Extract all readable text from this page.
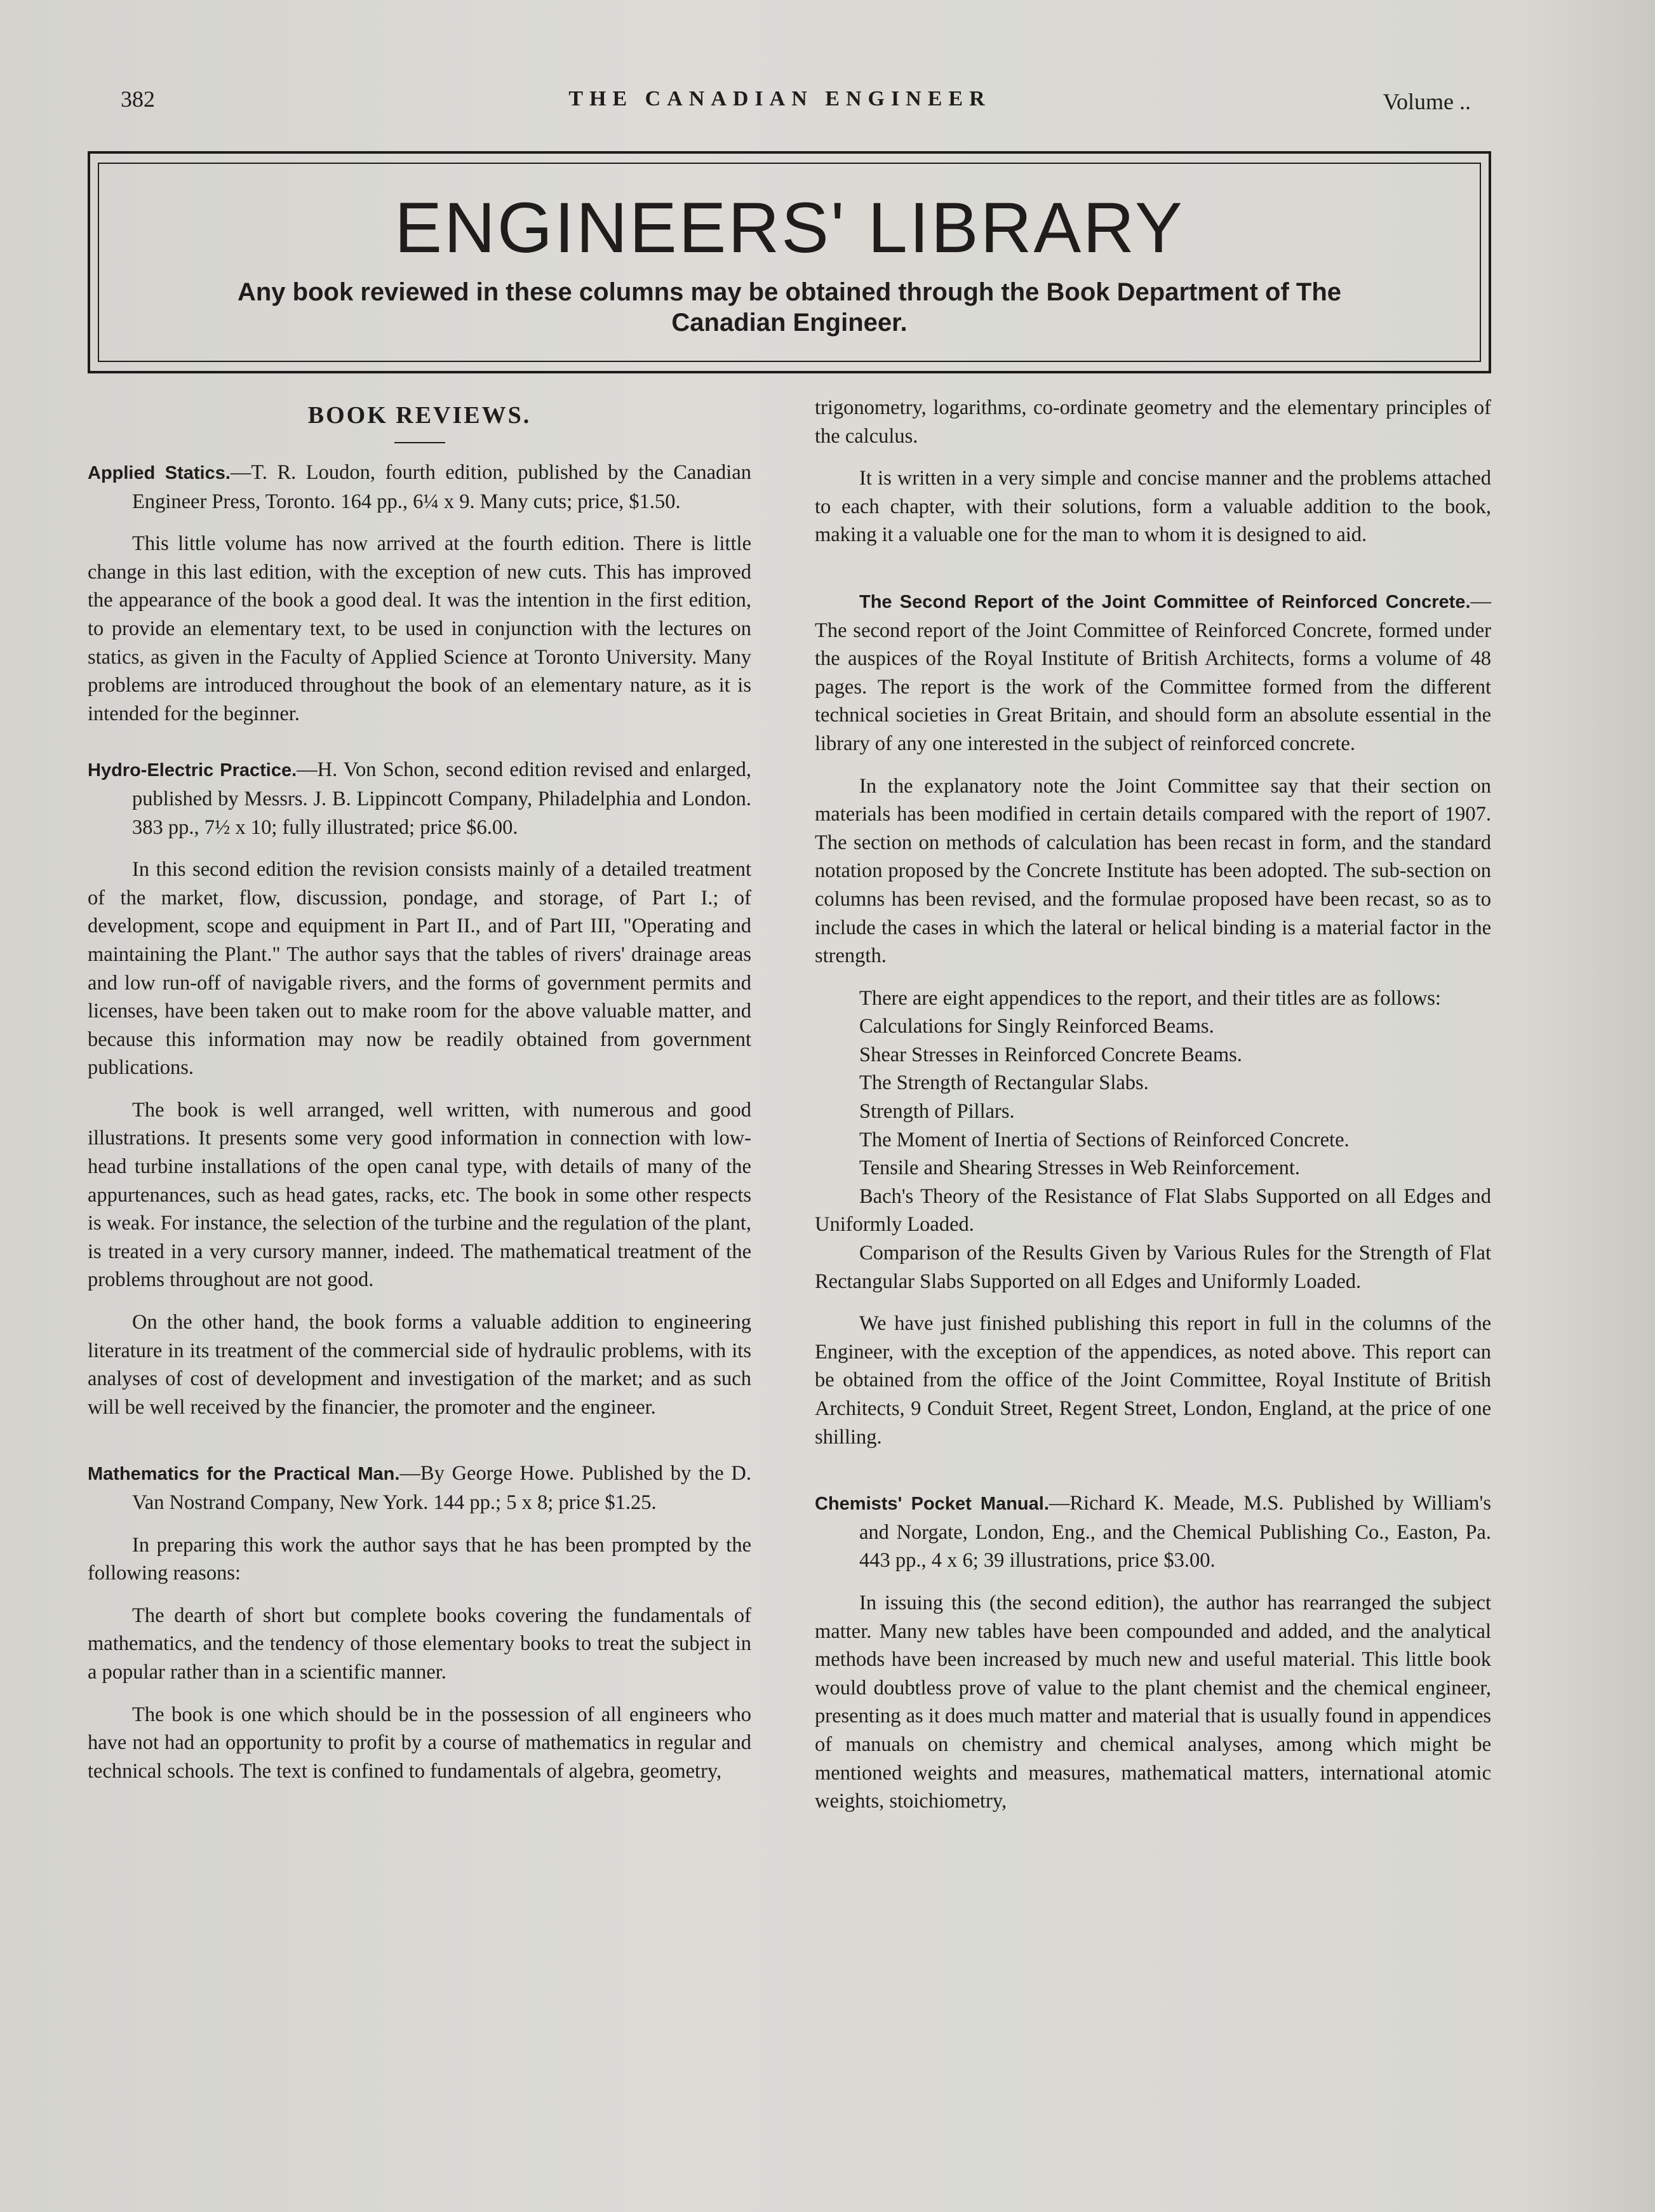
382	THE CANADIAN ENGINEER	Volume ..
ENGINEERS' LIBRARY
Any book reviewed in these columns may be obtained through the Book Department of The Canadian Engineer.
BOOK REVIEWS.
Applied Statics.—T. R. Loudon, fourth edition, published by the Canadian Engineer Press, Toronto. 164 pp., 6¼ x 9. Many cuts; price, $1.50.

This little volume has now arrived at the fourth edition. There is little change in this last edition, with the exception of new cuts. This has improved the appearance of the book a good deal. It was the intention in the first edition, to provide an elementary text, to be used in conjunction with the lectures on statics, as given in the Faculty of Applied Science at Toronto University. Many problems are introduced throughout the book of an elementary nature, as it is intended for the beginner.

Hydro-Electric Practice.—H. Von Schon, second edition revised and enlarged, published by Messrs. J. B. Lippincott Company, Philadelphia and London. 383 pp., 7½ x 10; fully illustrated; price $6.00.

In this second edition the revision consists mainly of a detailed treatment of the market, flow, discussion, pondage, and storage, of Part I.; of development, scope and equipment in Part II., and of Part III, "Operating and maintaining the Plant." The author says that the tables of rivers' drainage areas and low run-off of navigable rivers, and the forms of government permits and licenses, have been taken out to make room for the above valuable matter, and because this information may now be readily obtained from government publications.

The book is well arranged, well written, with numerous and good illustrations. It presents some very good information in connection with low-head turbine installations of the open canal type, with details of many of the appurtenances, such as head gates, racks, etc. The book in some other respects is weak. For instance, the selection of the turbine and the regulation of the plant, is treated in a very cursory manner, indeed. The mathematical treatment of the problems throughout are not good.

On the other hand, the book forms a valuable addition to engineering literature in its treatment of the commercial side of hydraulic problems, with its analyses of cost of development and investigation of the market; and as such will be well received by the financier, the promoter and the engineer.

Mathematics for the Practical Man.—By George Howe. Published by the D. Van Nostrand Company, New York. 144 pp.; 5 x 8; price $1.25.

In preparing this work the author says that he has been prompted by the following reasons:

The dearth of short but complete books covering the fundamentals of mathematics, and the tendency of those elementary books to treat the subject in a popular rather than in a scientific manner.

The book is one which should be in the possession of all engineers who have not had an opportunity to profit by a course of mathematics in regular and technical schools. The text is confined to fundamentals of algebra, geometry,

trigonometry, logarithms, co-ordinate geometry and the elementary principles of the calculus.

It is written in a very simple and concise manner and the problems attached to each chapter, with their solutions, form a valuable addition to the book, making it a valuable one for the man to whom it is designed to aid.

The Second Report of the Joint Committee of Reinforced Concrete.—The second report of the Joint Committee of Reinforced Concrete, formed under the auspices of the Royal Institute of British Architects, forms a volume of 48 pages. The report is the work of the Committee formed from the different technical societies in Great Britain, and should form an absolute essential in the library of any one interested in the subject of reinforced concrete.

In the explanatory note the Joint Committee say that their section on materials has been modified in certain details compared with the report of 1907. The section on methods of calculation has been recast in form, and the standard notation proposed by the Concrete Institute has been adopted. The sub-section on columns has been revised, and the formulae proposed have been recast, so as to include the cases in which the lateral or helical binding is a material factor in the strength.

There are eight appendices to the report, and their titles are as follows:

Calculations for Singly Reinforced Beams.

Shear Stresses in Reinforced Concrete Beams.

The Strength of Rectangular Slabs.

Strength of Pillars.

The Moment of Inertia of Sections of Reinforced Concrete.

Tensile and Shearing Stresses in Web Reinforcement.

Bach's Theory of the Resistance of Flat Slabs Supported on all Edges and Uniformly Loaded.

Comparison of the Results Given by Various Rules for the Strength of Flat Rectangular Slabs Supported on all Edges and Uniformly Loaded.

We have just finished publishing this report in full in the columns of the Engineer, with the exception of the appendices, as noted above. This report can be obtained from the office of the Joint Committee, Royal Institute of British Architects, 9 Conduit Street, Regent Street, London, England, at the price of one shilling.

Chemists' Pocket Manual.—Richard K. Meade, M.S. Published by William's and Norgate, London, Eng., and the Chemical Publishing Co., Easton, Pa. 443 pp., 4 x 6; 39 illustrations, price $3.00.

In issuing this (the second edition), the author has rearranged the subject matter. Many new tables have been compounded and added, and the analytical methods have been increased by much new and useful material. This little book would doubtless prove of value to the plant chemist and the chemical engineer, presenting as it does much matter and material that is usually found in appendices of manuals on chemistry and chemical analyses, among which might be mentioned weights and measures, mathematical matters, international atomic weights, stoichiometry,
